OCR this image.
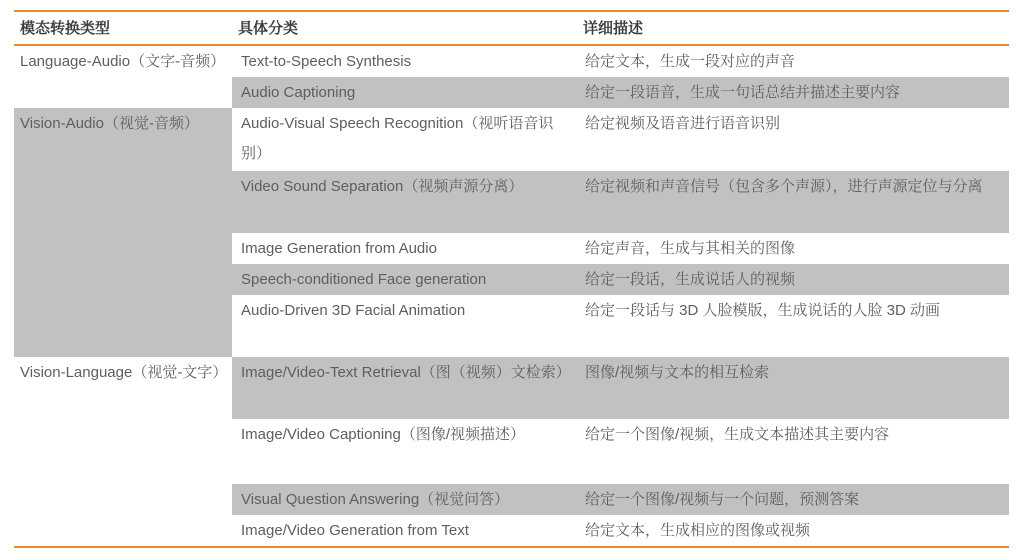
模态转换类型	具体分类	详细描述
Language-Audio（文字-音频）	Text-to-Speech Synthesis	给定文本，生成一段对应的声音
	Audio Captioning	给定一段语音，生成一句话总结并描述主要内容
Vision-Audio（视觉-音频）	Audio-Visual Speech Recognition（视听语音识别）	给定视频及语音进行语音识别
	Video Sound Separation（视频声源分离）	给定视频和声音信号（包含多个声源），进行声源定位与分离
	Image Generation from Audio	给定声音，生成与其相关的图像
	Speech-conditioned Face generation	给定一段话，生成说话人的视频
	Audio-Driven 3D Facial Animation	给定一段话与 3D 人脸模版，生成说话的人脸 3D 动画
Vision-Language（视觉-文字）	Image/Video-Text Retrieval（图（视频）文检索）	图像/视频与文本的相互检索
	Image/Video Captioning（图像/视频描述）	给定一个图像/视频，生成文本描述其主要内容
	Visual Question Answering（视觉问答）	给定一个图像/视频与一个问题，预测答案
	Image/Video Generation from Text	给定文本，生成相应的图像或视频
